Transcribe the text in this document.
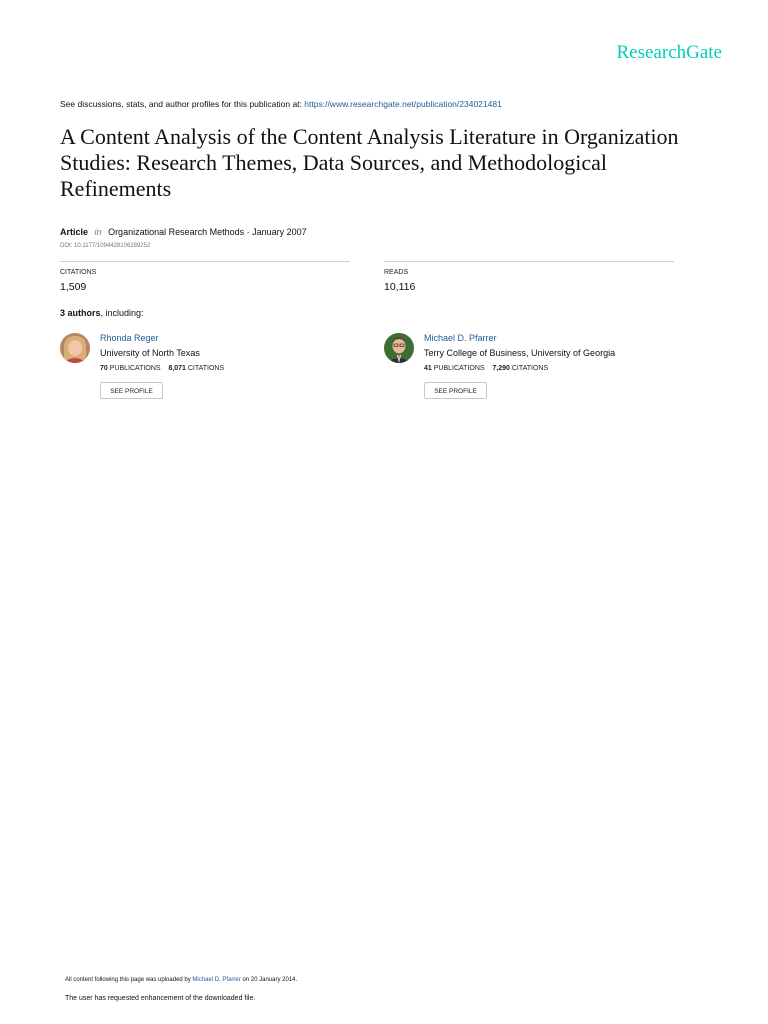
ResearchGate
See discussions, stats, and author profiles for this publication at: https://www.researchgate.net/publication/234021481
A Content Analysis of the Content Analysis Literature in Organization Studies: Research Themes, Data Sources, and Methodological Refinements
Article in Organizational Research Methods · January 2007
DOI: 10.1177/1094428106289252
CITATIONS
1,509
READS
10,116
3 authors, including:
Rhonda Reger
University of North Texas
70 PUBLICATIONS 8,071 CITATIONS
SEE PROFILE
Michael D. Pfarrer
Terry College of Business, University of Georgia
41 PUBLICATIONS 7,290 CITATIONS
SEE PROFILE
All content following this page was uploaded by Michael D. Pfarrer on 20 January 2014.
The user has requested enhancement of the downloaded file.
